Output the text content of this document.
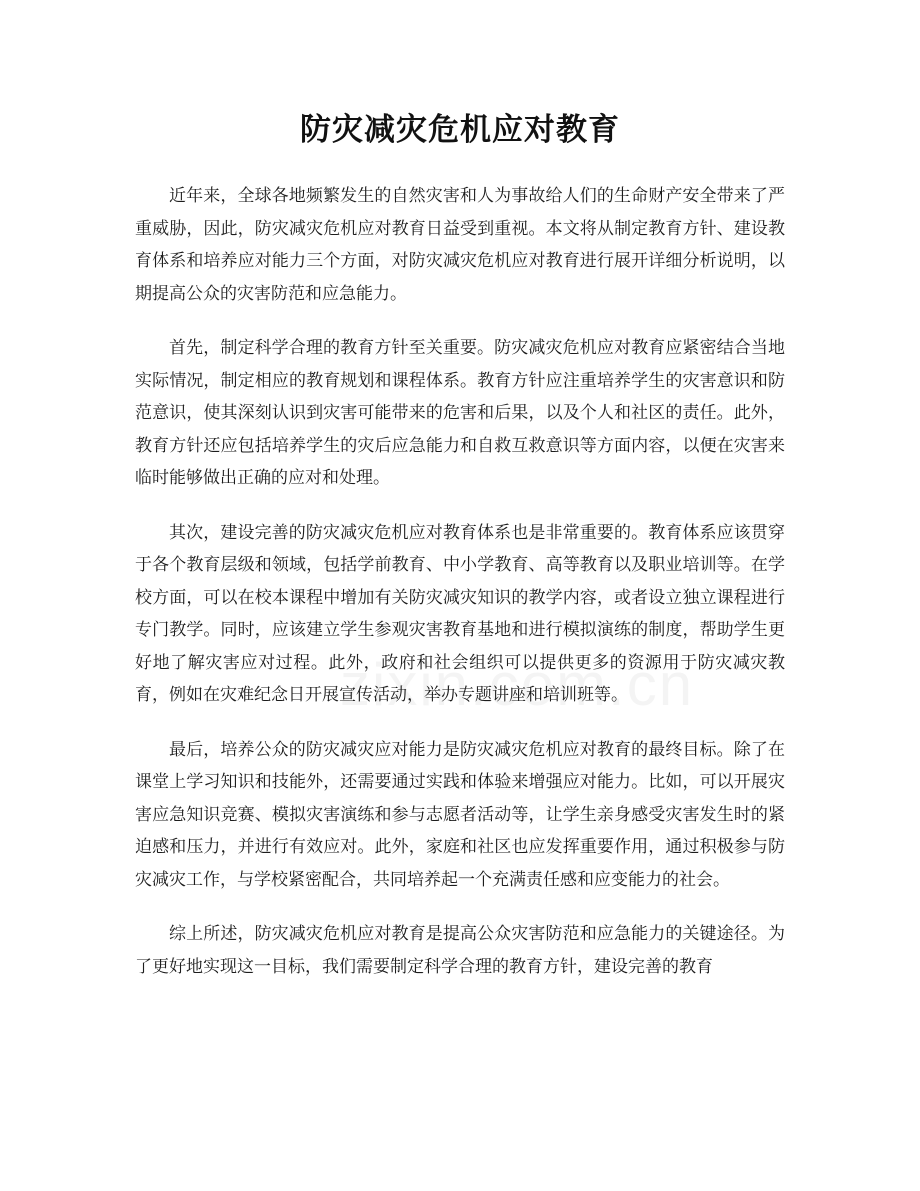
防灾减灾危机应对教育

近年来，全球各地频繁发生的自然灾害和人为事故给人们的生命财产安全带来了严重威胁，因此，防灾减灾危机应对教育日益受到重视。本文将从制定教育方针、建设教育体系和培养应对能力三个方面，对防灾减灾危机应对教育进行展开详细分析说明，以期提高公众的灾害防范和应急能力。

首先，制定科学合理的教育方针至关重要。防灾减灾危机应对教育应紧密结合当地实际情况，制定相应的教育规划和课程体系。教育方针应注重培养学生的灾害意识和防范意识，使其深刻认识到灾害可能带来的危害和后果，以及个人和社区的责任。此外，教育方针还应包括培养学生的灾后应急能力和自救互救意识等方面内容，以便在灾害来临时能够做出正确的应对和处理。

其次，建设完善的防灾减灾危机应对教育体系也是非常重要的。教育体系应该贯穿于各个教育层级和领域，包括学前教育、中小学教育、高等教育以及职业培训等。在学校方面，可以在校本课程中增加有关防灾减灾知识的教学内容，或者设立独立课程进行专门教学。同时，应该建立学生参观灾害教育基地和进行模拟演练的制度，帮助学生更好地了解灾害应对过程。此外，政府和社会组织可以提供更多的资源用于防灾减灾教育，例如在灾难纪念日开展宣传活动，举办专题讲座和培训班等。

最后，培养公众的防灾减灾应对能力是防灾减灾危机应对教育的最终目标。除了在课堂上学习知识和技能外，还需要通过实践和体验来增强应对能力。比如，可以开展灾害应急知识竞赛、模拟灾害演练和参与志愿者活动等，让学生亲身感受灾害发生时的紧迫感和压力，并进行有效应对。此外，家庭和社区也应发挥重要作用，通过积极参与防灾减灾工作，与学校紧密配合，共同培养起一个充满责任感和应变能力的社会。

综上所述，防灾减灾危机应对教育是提高公众灾害防范和应急能力的关键途径。为了更好地实现这一目标，我们需要制定科学合理的教育方针，建设完善的教育
